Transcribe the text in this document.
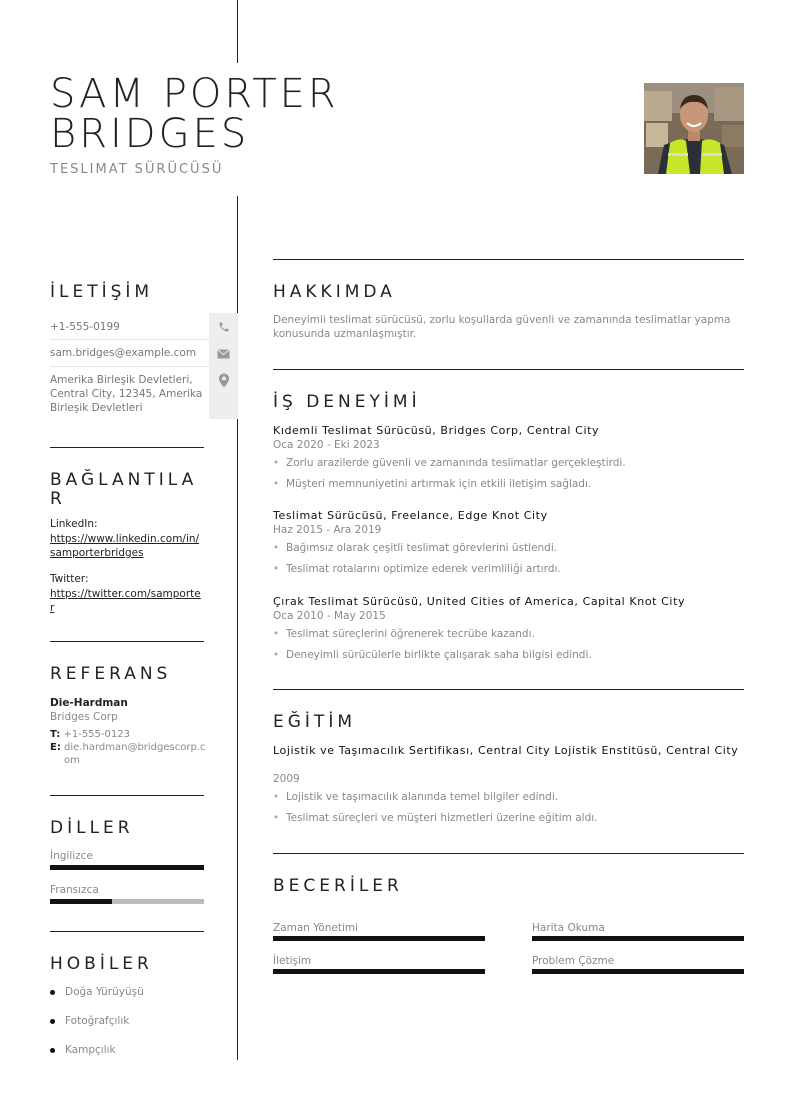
SAM PORTER
BRIDGES
TESLIMAT SÜRÜCÜSÜ
İLETİŞİM
+1-555-0199
sam.bridges@example.com
Amerika Birleşik Devletleri, Central City, 12345, Amerika Birleşik Devletleri
BAĞLANTILAR
LinkedIn:
https://www.linkedin.com/in/samporterbridges
Twitter:
https://twitter.com/samporter
REFERANS
Die-Hardman
Bridges Corp
T: +1-555-0123
E: die.hardman@bridgescorp.com
DİLLER
İngilizce
Fransızca
HOBİLER
Doğa Yürüyüşü
Fotoğrafçılık
Kampçılık
HAKKIMDA
Deneyimli teslimat sürücüsü, zorlu koşullarda güvenli ve zamanında teslimatlar yapma konusunda uzmanlaşmıştır.
İŞ DENEYİMİ
Kıdemli Teslimat Sürücüsü, Bridges Corp, Central City
Oca 2020 - Eki 2023
• Zorlu arazilerde güvenli ve zamanında teslimatlar gerçekleştirdi.
• Müşteri memnuniyetini artırmak için etkili iletişim sağladı.
Teslimat Sürücüsü, Freelance, Edge Knot City
Haz 2015 - Ara 2019
• Bağımsız olarak çeşitli teslimat görevlerini üstlendi.
• Teslimat rotalarını optimize ederek verimliliği artırdı.
Çırak Teslimat Sürücüsü, United Cities of America, Capital Knot City
Oca 2010 - May 2015
• Teslimat süreçlerini öğrenerek tecrübe kazandı.
• Deneyimli sürücülerle birlikte çalışarak saha bilgisi edindi.
EĞİTİM
Lojistik ve Taşımacılık Sertifikası, Central City Lojistik Enstitüsü, Central City
2009
• Lojistik ve taşımacılık alanında temel bilgiler edindi.
• Teslimat süreçleri ve müşteri hizmetleri üzerine eğitim aldı.
BECERİLER
Zaman Yönetimi	Harita Okuma
İletişim	Problem Çözme
